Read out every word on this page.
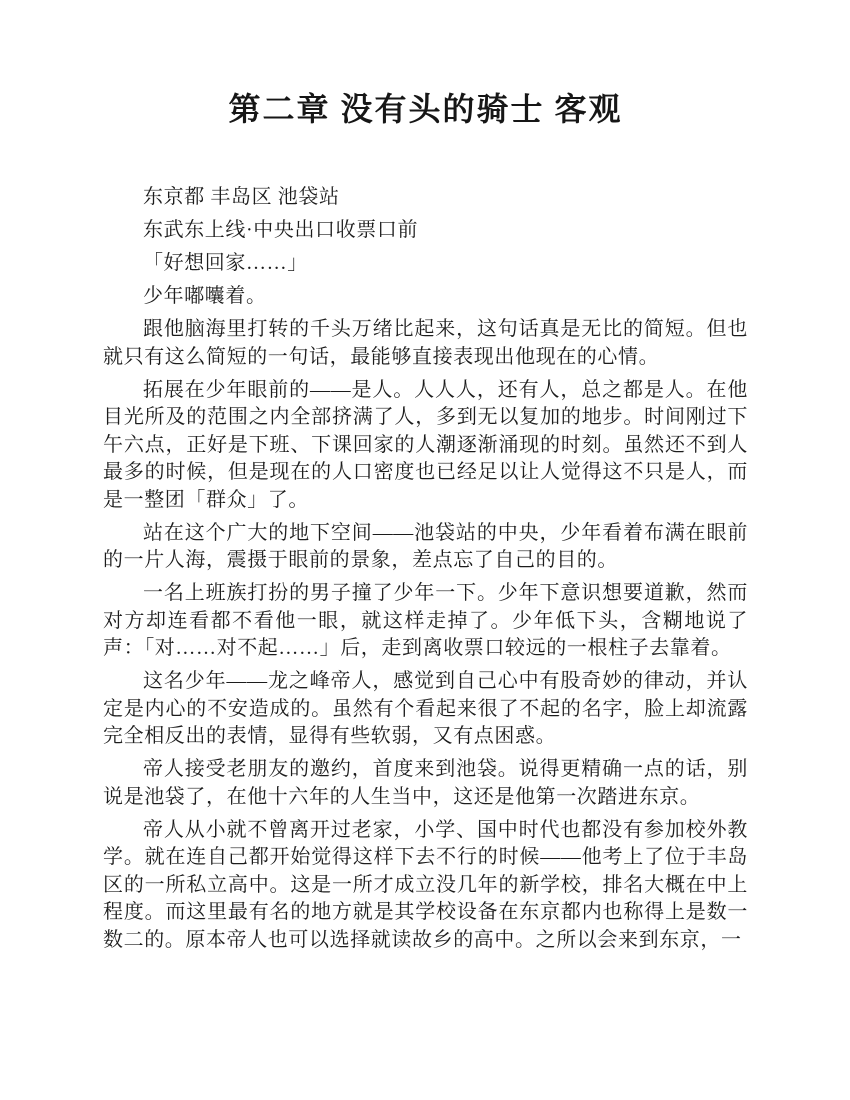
第二章 没有头的骑士 客观

东京都 丰岛区 池袋站

东武东上线·中央出口收票口前

「好想回家……」

少年嘟囔着。

跟他脑海里打转的千头万绪比起来，这句话真是无比的简短。但也就只有这么简短的一句话，最能够直接表现出他现在的心情。

拓展在少年眼前的——是人。人人人，还有人，总之都是人。在他目光所及的范围之内全部挤满了人，多到无以复加的地步。时间刚过下午六点，正好是下班、下课回家的人潮逐渐涌现的时刻。虽然还不到人最多的时候，但是现在的人口密度也已经足以让人觉得这不只是人，而是一整团「群众」了。

站在这个广大的地下空间——池袋站的中央，少年看着布满在眼前的一片人海，震摄于眼前的景象，差点忘了自己的目的。

一名上班族打扮的男子撞了少年一下。少年下意识想要道歉，然而对方却连看都不看他一眼，就这样走掉了。少年低下头，含糊地说了声：「对……对不起……」后，走到离收票口较远的一根柱子去靠着。

这名少年——龙之峰帝人，感觉到自己心中有股奇妙的律动，并认定是内心的不安造成的。虽然有个看起来很了不起的名字，脸上却流露完全相反出的表情，显得有些软弱，又有点困惑。

帝人接受老朋友的邀约，首度来到池袋。说得更精确一点的话，别说是池袋了，在他十六年的人生当中，这还是他第一次踏进东京。

帝人从小就不曾离开过老家，小学、国中时代也都没有参加校外教学。就在连自己都开始觉得这样下去不行的时候——他考上了位于丰岛区的一所私立高中。这是一所才成立没几年的新学校，排名大概在中上程度。而这里最有名的地方就是其学校设备在东京都内也称得上是数一数二的。原本帝人也可以选择就读故乡的高中。之所以会来到东京，一
